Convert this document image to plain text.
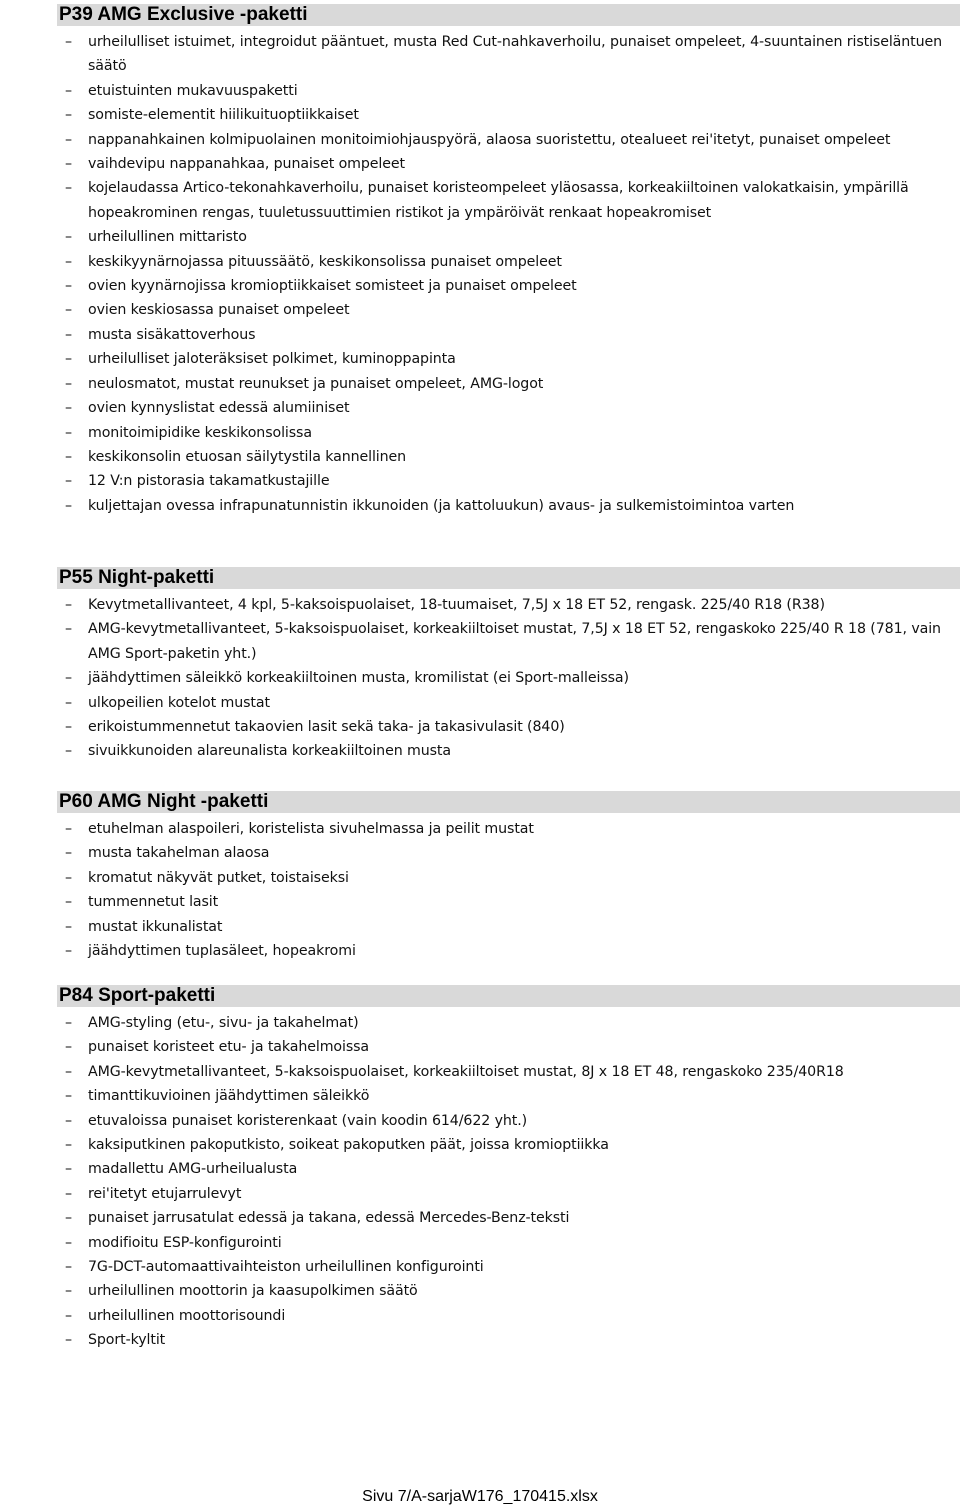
P39 AMG Exclusive -paketti
–	urheilulliset istuimet, integroidut pääntuet, musta Red Cut-nahkaverhoilu, punaiset ompeleet, 4-suuntainen ristiseläntuen säätö
–	etuistuinten mukavuuspaketti
–	somiste-elementit hiilikuituoptiikkaiset
–	nappanahkainen kolmipuolainen monitoimiohjauspyörä, alaosa suoristettu, otealueet rei'itetyt, punaiset ompeleet
–	vaihdevipu nappanahkaa, punaiset ompeleet
–	kojelaudassa Artico-tekonahkaverhoilu, punaiset koristeompeleet yläosassa, korkeakiiltoinen valokatkaisin, ympärillä hopeakrominen rengas, tuuletussuuttimien ristikot ja ympäröivät renkaat hopeakromiset
–	urheilullinen mittaristo
–	keskikyynärnojassa pituussäätö, keskikonsolissa punaiset ompeleet
–	ovien kyynärnojissa kromioptiikkaiset somisteet ja punaiset ompeleet
–	ovien keskiosassa punaiset ompeleet
–	musta sisäkattoverhous
–	urheilulliset jaloteräksiset polkimet, kuminoppapinta
–	neulosmatot, mustat reunukset ja punaiset ompeleet, AMG-logot
–	ovien kynnyslistat edessä alumiiniset
–	monitoimipidike keskikonsolissa
–	keskikonsolin etuosan säilytystila kannellinen
–	12 V:n pistorasia takamatkustajille
–	kuljettajan ovessa infrapunatunnistin ikkunoiden (ja kattoluukun) avaus- ja sulkemistoimintoa varten
P55 Night-paketti
–	Kevytmetallivanteet, 4 kpl, 5-kaksoispuolaiset, 18-tuumaiset, 7,5J x 18 ET 52, rengask. 225/40 R18 (R38)
–	AMG-kevytmetallivanteet, 5-kaksoispuolaiset, korkeakiiltoiset mustat, 7,5J x 18 ET 52, rengaskoko 225/40 R 18 (781, vain AMG Sport-paketin yht.)
–	jäähdyttimen säleikkö korkeakiiltoinen musta, kromilistat (ei Sport-malleissa)
–	ulkopeilien kotelot mustat
–	erikoistummennetut takaovien lasit sekä taka- ja takasivulasit (840)
–	sivuikkunoiden alareunalista korkeakiiltoinen musta
P60 AMG Night -paketti
–	etuhelman alaspoileri, koristelista sivuhelmassa ja peilit mustat
–	musta takahelman alaosa
–	kromatut näkyvät putket, toistaiseksi
–	tummennetut lasit
–	mustat ikkunalistat
–	jäähdyttimen tuplasäleet, hopeakromi
P84 Sport-paketti
–	AMG-styling (etu-, sivu- ja takahelmat)
–	punaiset koristeet etu- ja takahelmoissa
–	AMG-kevytmetallivanteet, 5-kaksoispuolaiset, korkeakiiltoiset mustat, 8J x 18 ET 48, rengaskoko 235/40R18
–	timanttikuvioinen jäähdyttimen säleikkö
–	etuvaloissa punaiset koristerenkaat (vain koodin 614/622 yht.)
–	kaksiputkinen pakoputkisto, soikeat pakoputken päät, joissa kromioptiikka
–	madallettu AMG-urheilualusta
–	rei'itetyt etujarrulevyt
–	punaiset jarrusatulat edessä ja takana, edessä Mercedes-Benz-teksti
–	modifioitu ESP-konfigurointi
–	7G-DCT-automaattivaihteiston urheilullinen konfigurointi
–	urheilullinen moottorin ja kaasupolkimen säätö
–	urheilullinen moottorisoundi
–	Sport-kyltit
Sivu 7/A-sarjaW176_170415.xlsx
